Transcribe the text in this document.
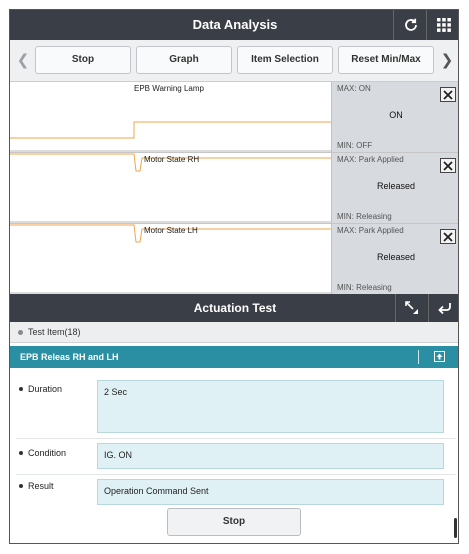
Data Analysis
❮	Stop	Graph	Item Selection	Reset Min/Max	❯
EPB Warning Lamp	MAX: ON
ON
MIN: OFF
Motor State RH	MAX: Park Applied
Released
MIN: Releasing
Motor State LH	MAX: Park Applied
Released
MIN: Releasing
Actuation Test
Test Item(18)
EPB Releas RH and LH
Duration	2 Sec
Condition	IG. ON
Result	Operation Command Sent
Stop
